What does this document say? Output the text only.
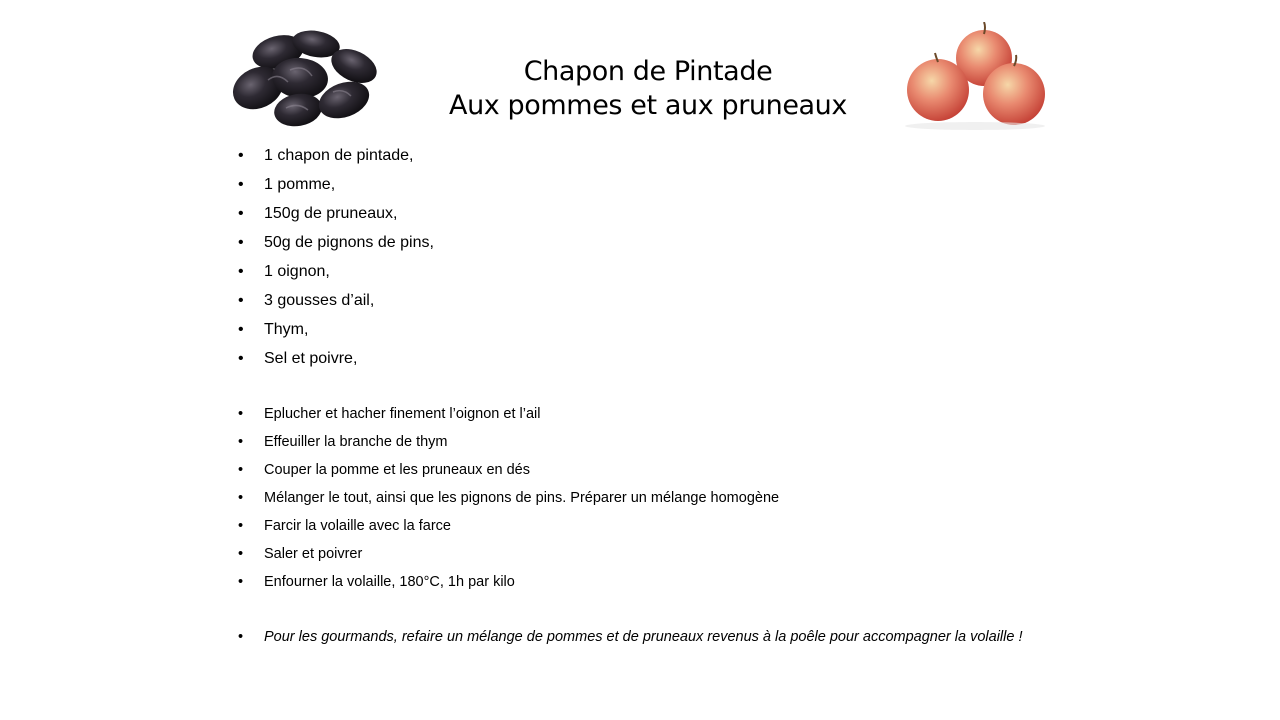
Chapon de Pintade
Aux pommes et aux pruneaux
• 1 chapon de pintade,
• 1 pomme,
• 150g de pruneaux,
• 50g de pignons de pins,
• 1 oignon,
• 3 gousses d’ail,
• Thym,
• Sel et poivre,
• Eplucher et hacher finement l’oignon et l’ail
• Effeuiller la branche de thym
• Couper la pomme et les pruneaux en dés
• Mélanger le tout, ainsi que les pignons de pins. Préparer un mélange homogène
• Farcir la volaille avec la farce
• Saler et poivrer
• Enfourner la volaille, 180°C, 1h par kilo
• Pour les gourmands, refaire un mélange de pommes et de pruneaux revenus à la poêle pour accompagner la volaille !
